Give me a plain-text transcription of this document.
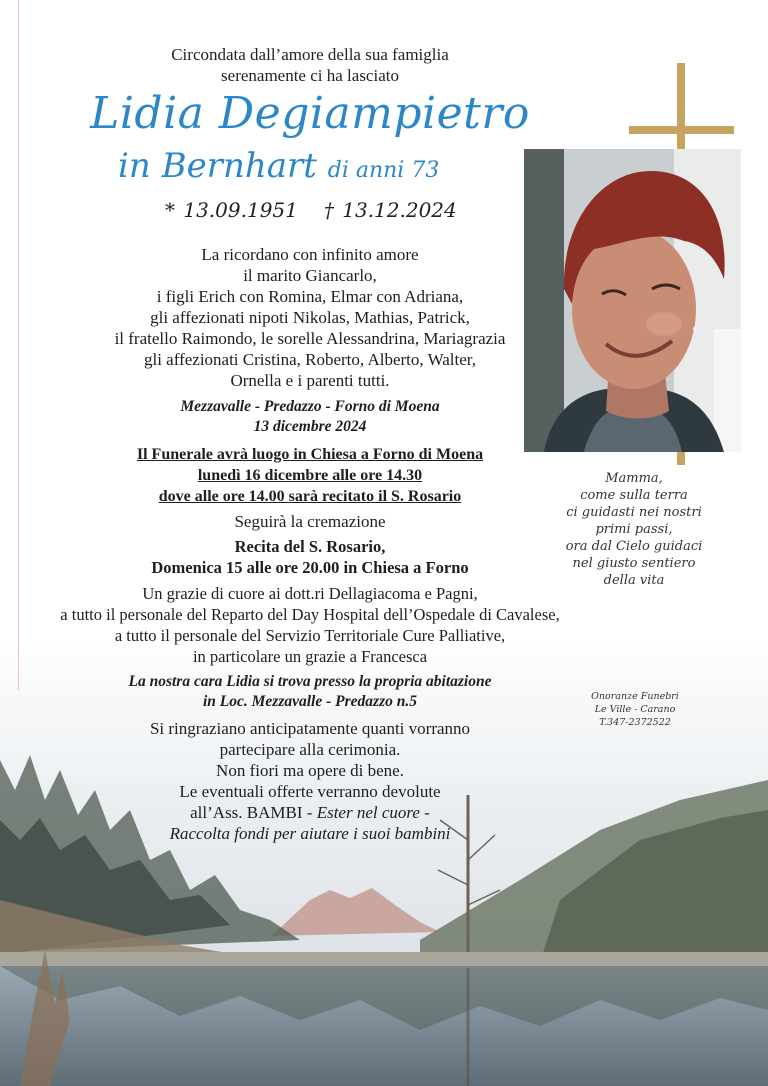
Circondata dall’amore della sua famiglia
serenamente ci ha lasciato
Lidia Degiampietro
in Bernhart di anni 73
* 13.09.1951 † 13.12.2024
La ricordano con infinito amore
il marito Giancarlo,
i figli Erich con Romina, Elmar con Adriana,
gli affezionati nipoti Nikolas, Mathias, Patrick,
il fratello Raimondo, le sorelle Alessandrina, Mariagrazia
gli affezionati Cristina, Roberto, Alberto, Walter,
Ornella e i parenti tutti.
Mezzavalle - Predazzo - Forno di Moena
13 dicembre 2024
Il Funerale avrà luogo in Chiesa a Forno di Moena
lunedì 16 dicembre alle ore 14.30
dove alle ore 14.00 sarà recitato il S. Rosario
Seguirà la cremazione
Recita del S. Rosario,
Domenica 15 alle ore 20.00 in Chiesa a Forno
Un grazie di cuore ai dott.ri Dellagiacoma e Pagni,
a tutto il personale del Reparto del Day Hospital dell’Ospedale di Cavalese,
a tutto il personale del Servizio Territoriale Cure Palliative,
in particolare un grazie a Francesca
La nostra cara Lidia si trova presso la propria abitazione
in Loc. Mezzavalle - Predazzo n.5
Si ringraziano anticipatamente quanti vorranno
partecipare alla cerimonia.
Non fiori ma opere di bene.
Le eventuali offerte verranno devolute
all’Ass. BAMBI - Ester nel cuore -
Raccolta fondi per aiutare i suoi bambini
Mamma,
come sulla terra
ci guidasti nei nostri
primi passi,
ora dal Cielo guidaci
nel giusto sentiero
della vita
Onoranze Funebri
Le Ville - Carano
T.347-2372522
